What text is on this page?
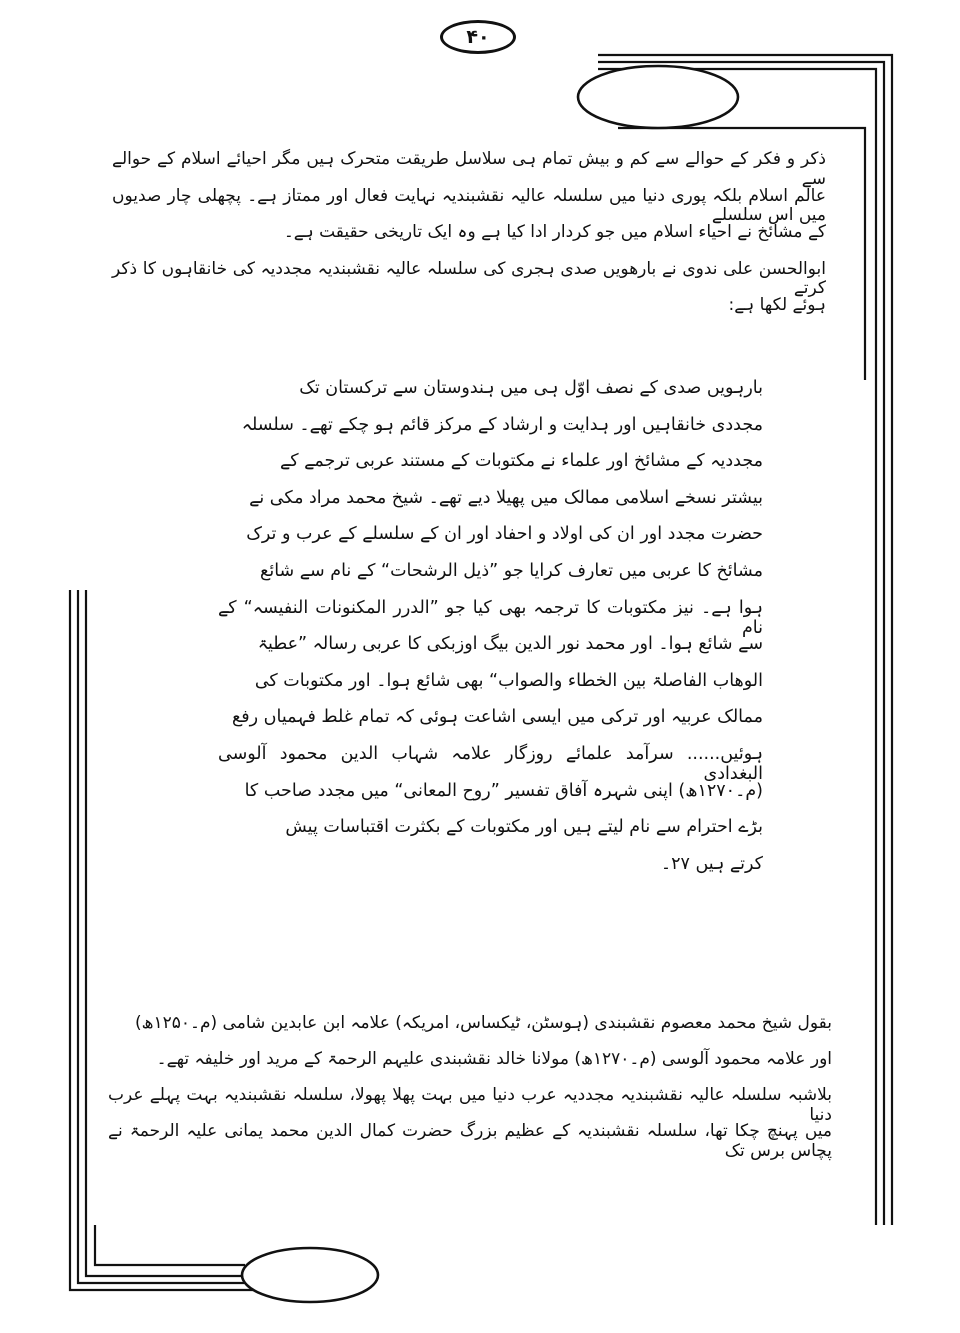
۴۰
ذکر و فکر کے حوالے سے کم و بیش تمام ہی سلاسل طریقت متحرک ہیں مگر احیائے اسلام کے حوالے سے
عالم اسلام بلکہ پوری دنیا میں سلسلہ عالیہ نقشبندیہ نہایت فعال اور ممتاز ہے۔ پچھلی چار صدیوں میں اس سلسلے
کے مشائخ نے احیاء اسلام میں جو کردار ادا کیا ہے وہ ایک تاریخی حقیقت ہے۔
ابوالحسن علی ندوی نے بارھویں صدی ہجری کی سلسلہ عالیہ نقشبندیہ مجددیہ کی خانقاہوں کا ذکر کرتے
ہوئے لکھا ہے:
بارہویں صدی کے نصف اوّل ہی میں ہندوستان سے ترکستان تک
مجددی خانقاہیں اور ہدایت و ارشاد کے مرکز قائم ہو چکے تھے۔ سلسلہ
مجددیہ کے مشائخ اور علماء نے مکتوبات کے مستند عربی ترجمے کے
بیشتر نسخے اسلامی ممالک میں پھیلا دیے تھے۔ شیخ محمد مراد مکی نے
حضرت مجدد اور ان کی اولاد و احفاد اور ان کے سلسلے کے عرب و ترک
مشائخ کا عربی میں تعارف کرایا جو ”ذیل الرشحات“ کے نام سے شائع
ہوا ہے۔ نیز مکتوبات کا ترجمہ بھی کیا جو ”الدرر المکنونات النفیسہ“ کے نام
سے شائع ہوا۔ اور محمد نور الدین بیگ اوزبکی کا عربی رسالہ ”عطیۃ
الوھاب الفاصلۃ بین الخطاء والصواب“ بھی شائع ہوا۔ اور مکتوبات کی
ممالک عربیہ اور ترکی میں ایسی اشاعت ہوئی کہ تمام غلط فہمیاں رفع
ہوئیں...... سرآمد علمائے روزگار علامہ شہاب الدین محمود آلوسی البغدادی
(م۔۱۲۷۰ھ) اپنی شہرہ آفاق تفسیر ”روح المعانی“ میں مجدد صاحب کا
بڑے احترام سے نام لیتے ہیں اور مکتوبات کے بکثرت اقتباسات پیش
کرتے ہیں ۲۷۔
بقول شیخ محمد معصوم نقشبندی (ہوسٹن، ٹیکساس، امریکہ) علامہ ابن عابدین شامی (م۔۱۲۵۰ھ)
اور علامہ محمود آلوسی (م۔۱۲۷۰ھ) مولانا خالد نقشبندی علیہم الرحمۃ کے مرید اور خلیفہ تھے۔
بلاشبہ سلسلہ عالیہ نقشبندیہ مجددیہ عرب دنیا میں بہت پھلا پھولا، سلسلہ نقشبندیہ بہت پہلے عرب دنیا
میں پہنچ چکا تھا، سلسلہ نقشبندیہ کے عظیم بزرگ حضرت کمال الدین محمد یمانی علیہ الرحمۃ نے پچاس برس تک
